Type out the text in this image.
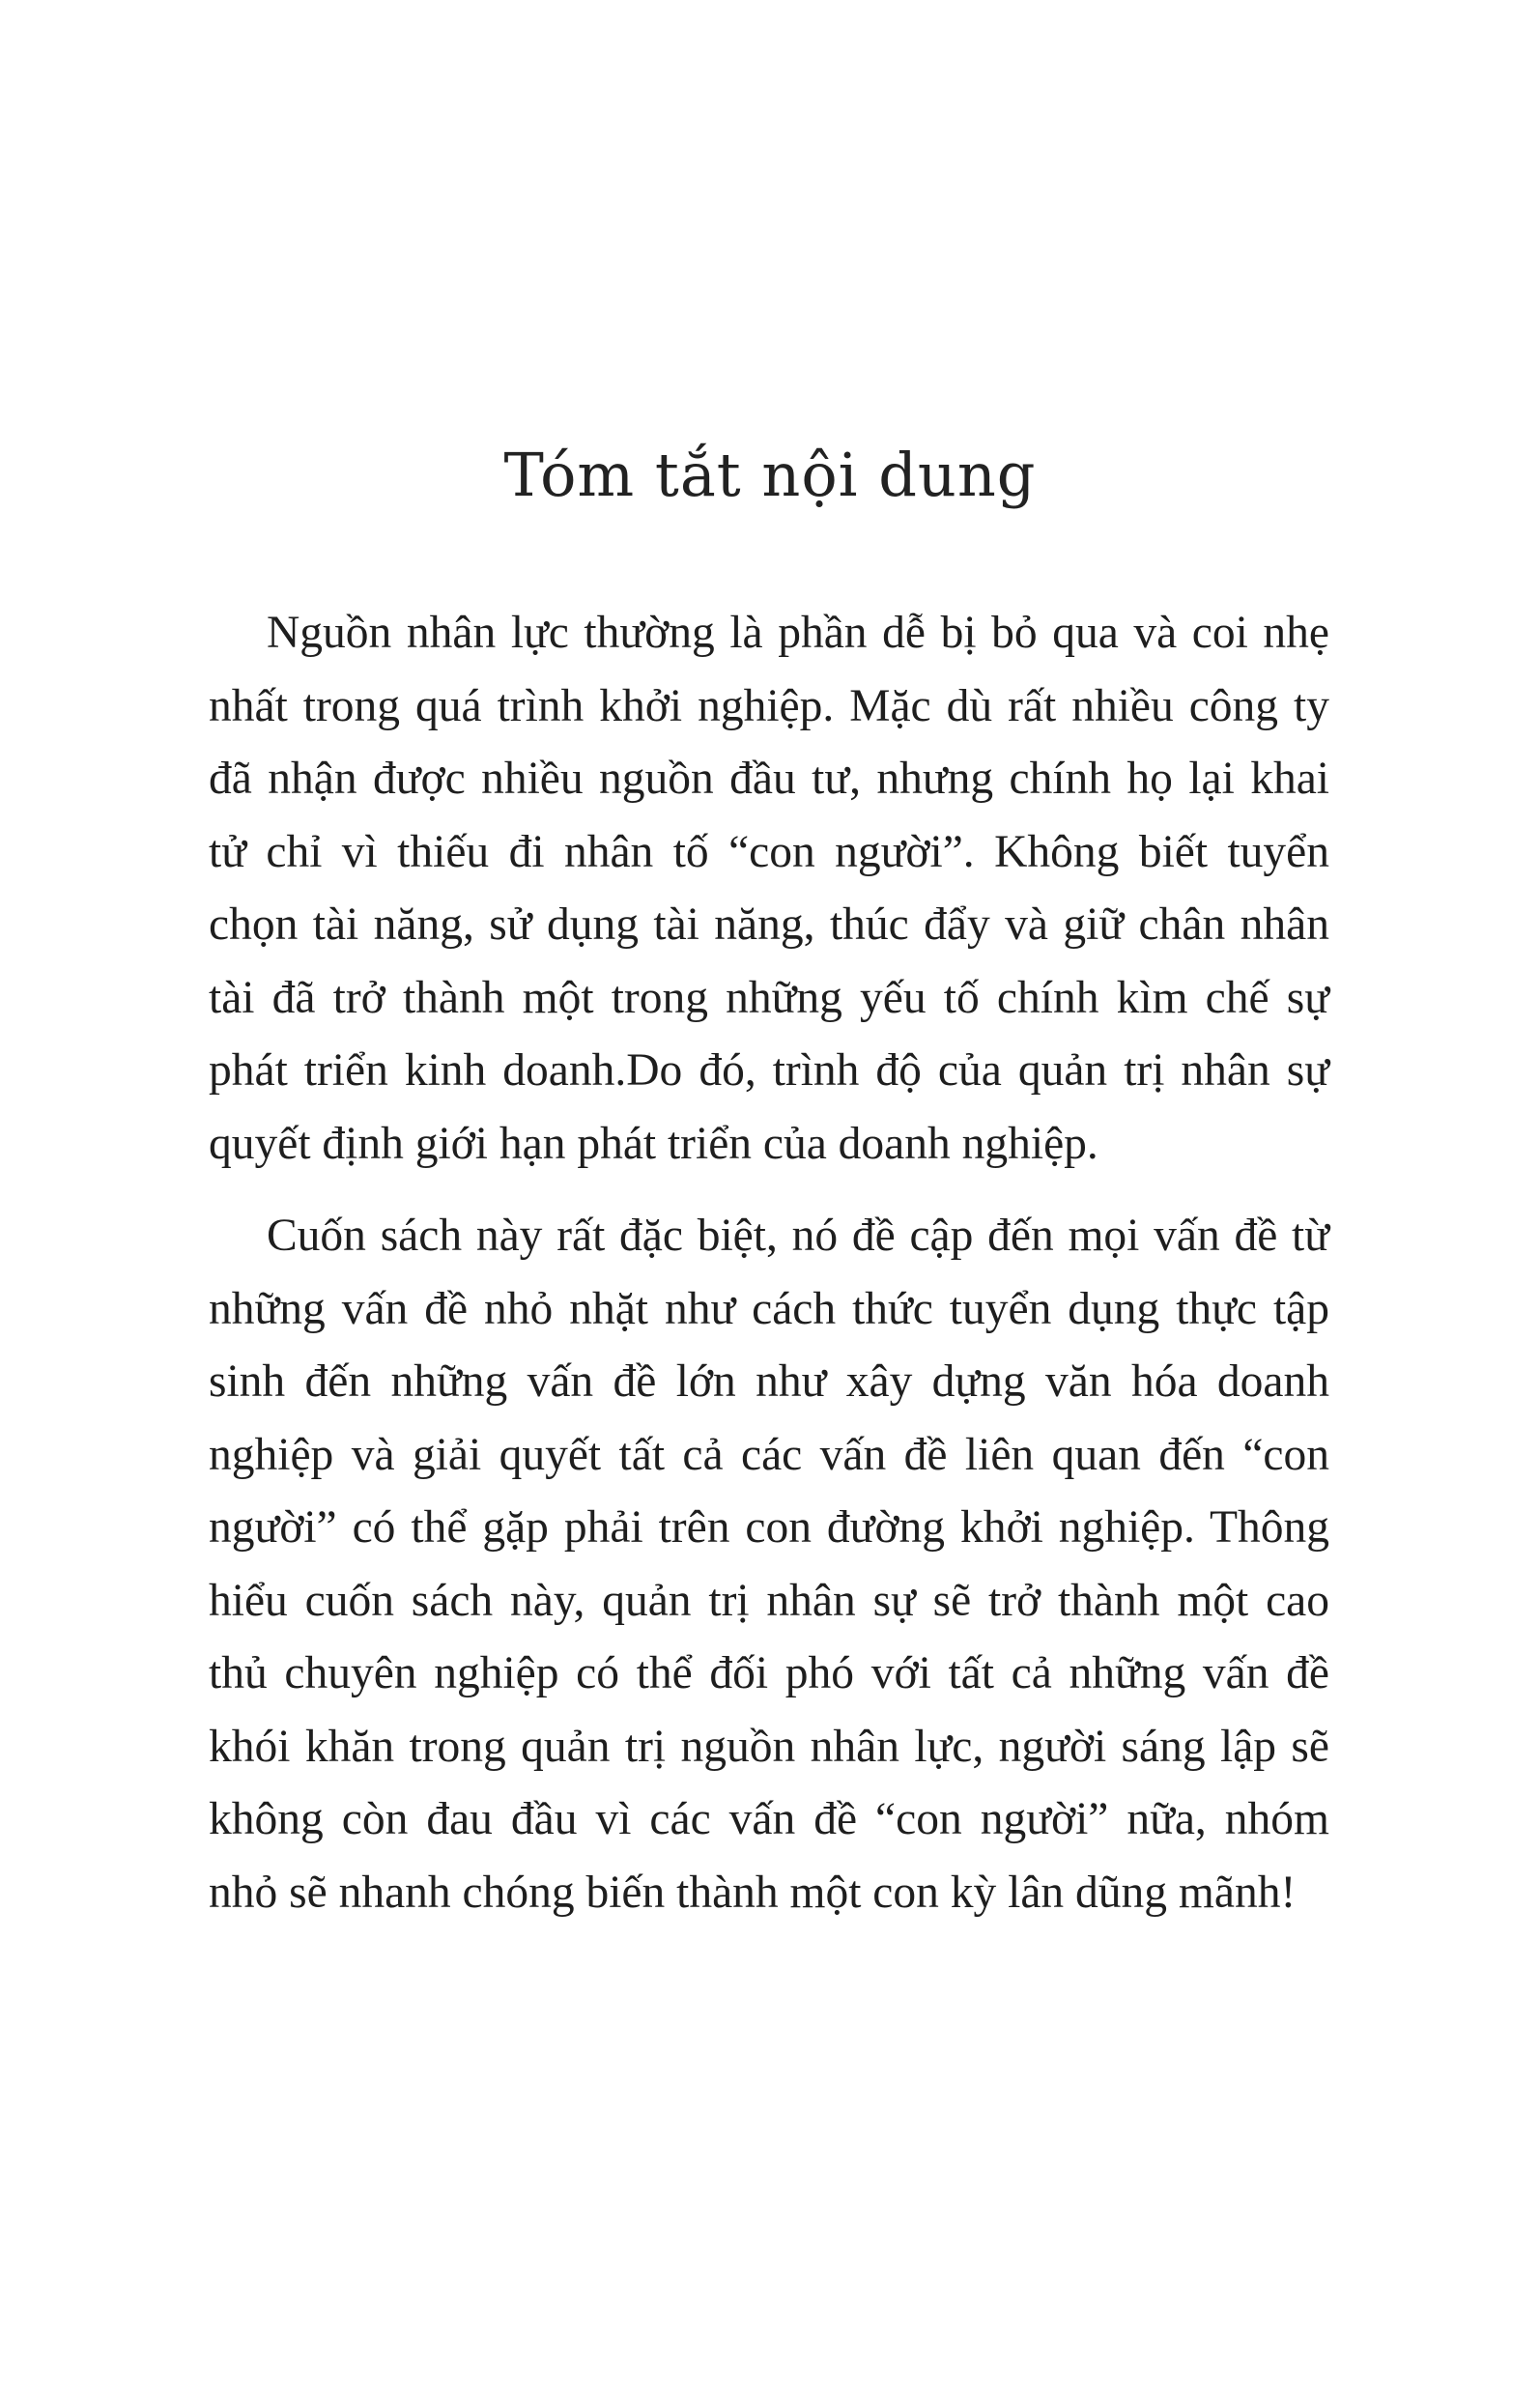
Tóm tắt nội dung

Nguồn nhân lực thường là phần dễ bị bỏ qua và coi nhẹ nhất trong quá trình khởi nghiệp. Mặc dù rất nhiều công ty đã nhận được nhiều nguồn đầu tư, nhưng chính họ lại khai tử chỉ vì thiếu đi nhân tố “con người”. Không biết tuyển chọn tài năng, sử dụng tài năng, thúc đẩy và giữ chân nhân tài đã trở thành một trong những yếu tố chính kìm chế sự phát triển kinh doanh.Do đó, trình độ của quản trị nhân sự quyết định giới hạn phát triển của doanh nghiệp.

Cuốn sách này rất đặc biệt, nó đề cập đến mọi vấn đề từ những vấn đề nhỏ nhặt như cách thức tuyển dụng thực tập sinh đến những vấn đề lớn như xây dựng văn hóa doanh nghiệp và giải quyết tất cả các vấn đề liên quan đến “con người” có thể gặp phải trên con đường khởi nghiệp. Thông hiểu cuốn sách này, quản trị nhân sự sẽ trở thành một cao thủ chuyên nghiệp có thể đối phó với tất cả những vấn đề khói khăn trong quản trị nguồn nhân lực, người sáng lập sẽ không còn đau đầu vì các vấn đề “con người” nữa, nhóm nhỏ sẽ nhanh chóng biến thành một con kỳ lân dũng mãnh!
